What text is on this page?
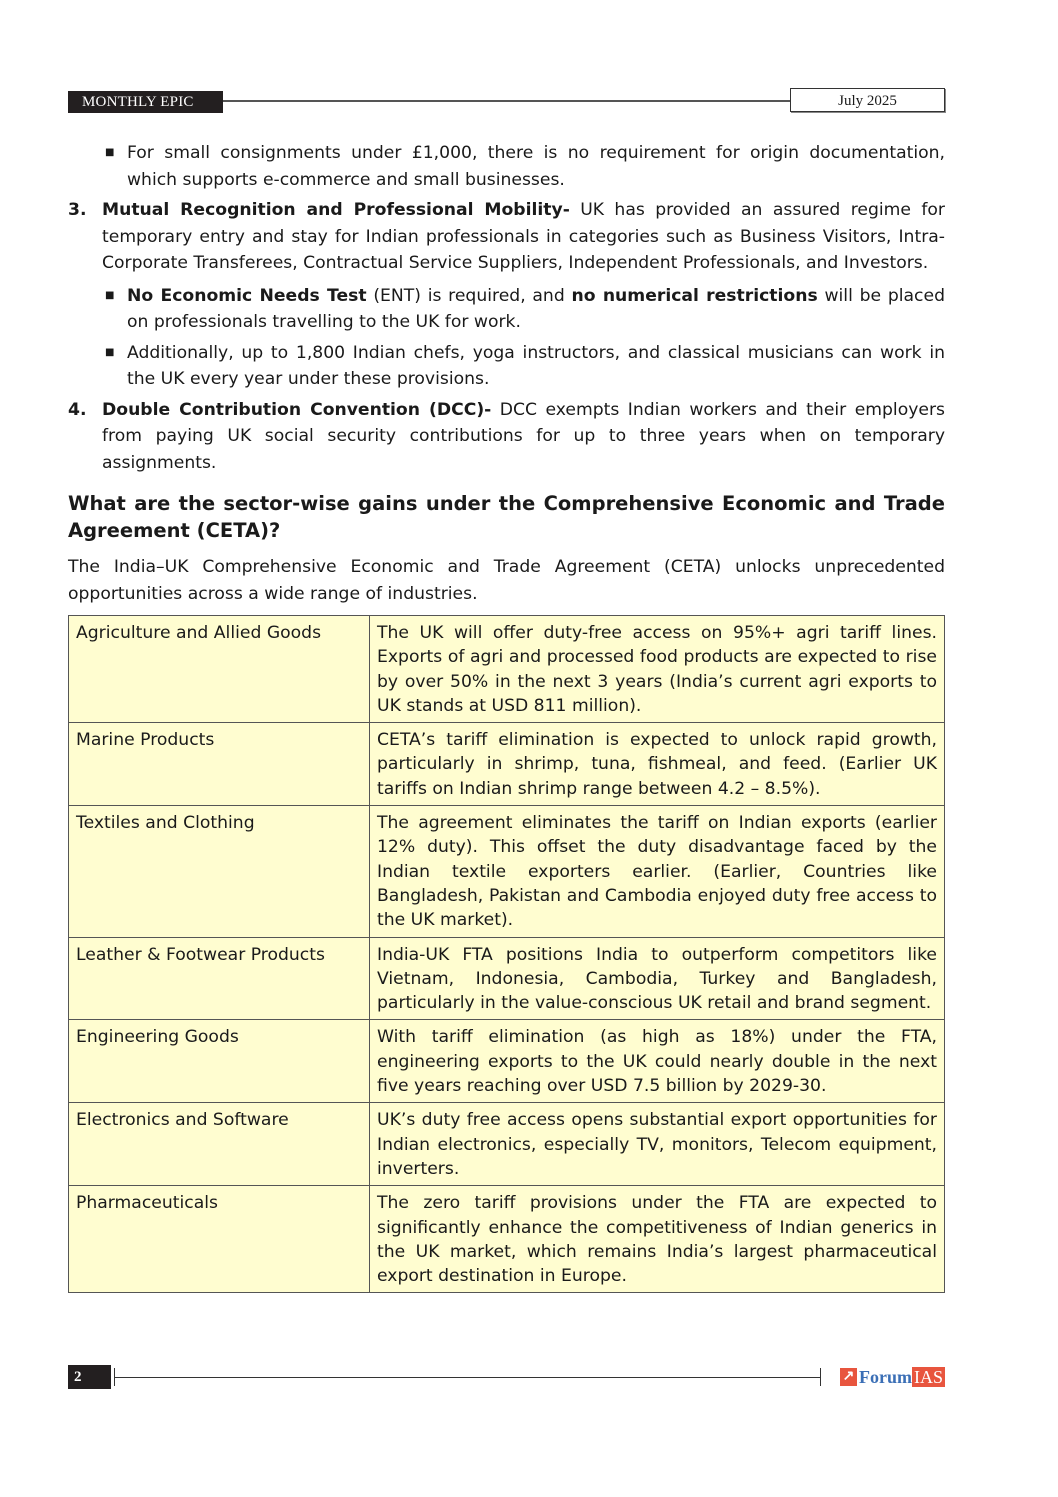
MONTHLY EPIC	July 2025
■ For small consignments under £1,000, there is no requirement for origin documentation, which supports e-commerce and small businesses.
3. Mutual Recognition and Professional Mobility- UK has provided an assured regime for temporary entry and stay for Indian professionals in categories such as Business Visitors, Intra-Corporate Transferees, Contractual Service Suppliers, Independent Professionals, and Investors.
■ No Economic Needs Test (ENT) is required, and no numerical restrictions will be placed on professionals travelling to the UK for work.
■ Additionally, up to 1,800 Indian chefs, yoga instructors, and classical musicians can work in the UK every year under these provisions.
4. Double Contribution Convention (DCC)- DCC exempts Indian workers and their employers from paying UK social security contributions for up to three years when on temporary assignments.
What are the sector-wise gains under the Comprehensive Economic and Trade Agreement (CETA)?

The India–UK Comprehensive Economic and Trade Agreement (CETA) unlocks unprecedented opportunities across a wide range of industries.

Agriculture and Allied Goods	The UK will offer duty-free access on 95%+ agri tariff lines. Exports of agri and processed food products are expected to rise by over 50% in the next 3 years (India’s current agri exports to UK stands at USD 811 million).
Marine Products	CETA’s tariff elimination is expected to unlock rapid growth, particularly in shrimp, tuna, fishmeal, and feed. (Earlier UK tariffs on Indian shrimp range between 4.2 – 8.5%).
Textiles and Clothing	The agreement eliminates the tariff on Indian exports (earlier 12% duty). This offset the duty disadvantage faced by the Indian textile exporters earlier. (Earlier, Countries like Bangladesh, Pakistan and Cambodia enjoyed duty free access to the UK market).
Leather & Footwear Products	India-UK FTA positions India to outperform competitors like Vietnam, Indonesia, Cambodia, Turkey and Bangladesh, particularly in the value-conscious UK retail and brand segment.
Engineering Goods	With tariff elimination (as high as 18%) under the FTA, engineering exports to the UK could nearly double in the next five years reaching over USD 7.5 billion by 2029-30.
Electronics and Software	UK’s duty free access opens substantial export opportunities for Indian electronics, especially TV, monitors, Telecom equipment, inverters.
Pharmaceuticals	The zero tariff provisions under the FTA are expected to significantly enhance the competitiveness of Indian generics in the UK market, which remains India’s largest pharmaceutical export destination in Europe.
2	↗ Forum IAS
